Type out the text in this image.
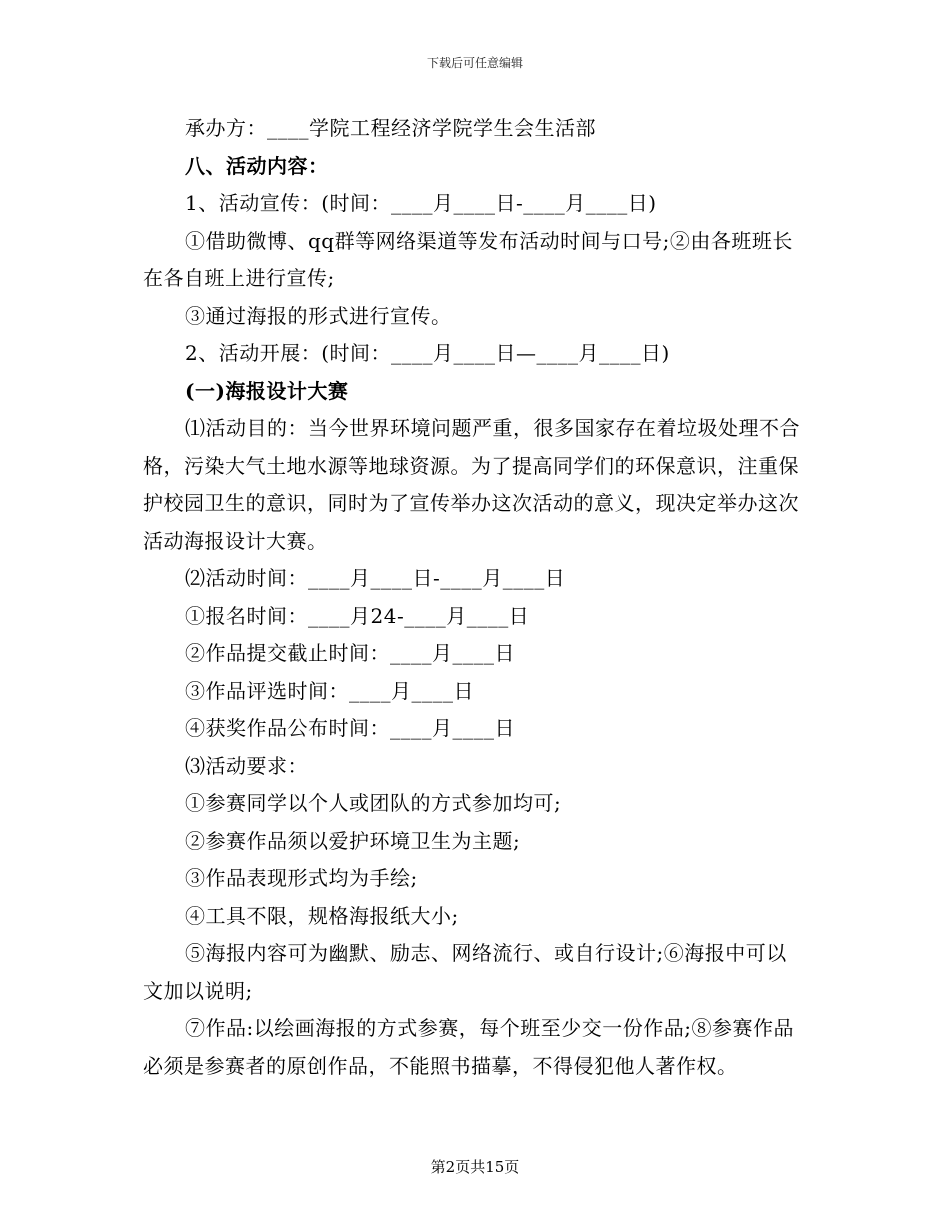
下载后可任意编辑

承办方：____学院工程经济学院学生会生活部

八、活动内容：

1、活动宣传：(时间：____月____日-____月____日)

①借助微博、qq群等网络渠道等发布活动时间与口号;②由各班班长在各自班上进行宣传;

③通过海报的形式进行宣传。

2、活动开展：(时间：____月____日—____月____日)

(一)海报设计大赛

⑴活动目的：当今世界环境问题严重，很多国家存在着垃圾处理不合格，污染大气土地水源等地球资源。为了提高同学们的环保意识，注重保护校园卫生的意识，同时为了宣传举办这次活动的意义，现决定举办这次活动海报设计大赛。

⑵活动时间：____月____日-____月____日

①报名时间：____月24-____月____日

②作品提交截止时间：____月____日

③作品评选时间：____月____日

④获奖作品公布时间：____月____日

⑶活动要求：

①参赛同学以个人或团队的方式参加均可;

②参赛作品须以爱护环境卫生为主题;

③作品表现形式均为手绘;

④工具不限，规格海报纸大小;

⑤海报内容可为幽默、励志、网络流行、或自行设计;⑥海报中可以文加以说明;

⑦作品:以绘画海报的方式参赛，每个班至少交一份作品;⑧参赛作品必须是参赛者的原创作品，不能照书描摹，不得侵犯他人著作权。

第2页共15页
